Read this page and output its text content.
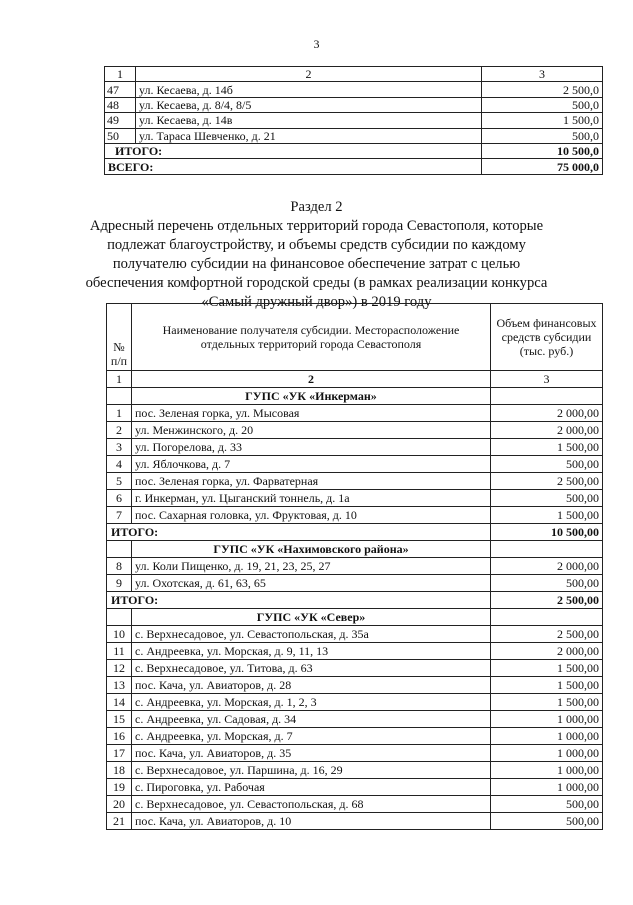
3
1	2	3
47	ул. Кесаева, д. 14б	2 500,0
48	ул. Кесаева, д. 8/4, 8/5	500,0
49	ул. Кесаева, д. 14в	1 500,0
50	ул. Тараса Шевченко, д. 21	500,0
ИТОГО:		10 500,0
ВСЕГО:		75 000,0
Раздел 2
Адресный перечень отдельных территорий города Севастополя, которые подлежат благоустройству, и объемы средств субсидии по каждому получателю субсидии на финансовое обеспечение затрат с целью обеспечения комфортной городской среды (в рамках реализации конкурса «Самый дружный двор») в 2019 году
№ п/п	Наименование получателя субсидии. Месторасположение отдельных территорий города Севастополя	Объем финансовых средств субсидии (тыс. руб.)
1	2	3
	ГУПС «УК «Инкерман»	
1	пос. Зеленая горка, ул. Мысовая	2 000,00
2	ул. Менжинского, д. 20	2 000,00
3	ул. Погорелова, д. 33	1 500,00
4	ул. Яблочкова, д. 7	500,00
5	пос. Зеленая горка, ул. Фарватерная	2 500,00
6	г. Инкерман, ул. Цыганский тоннель, д. 1а	500,00
7	пос. Сахарная головка, ул. Фруктовая, д. 10	1 500,00
ИТОГО:		10 500,00
	ГУПС «УК «Нахимовского района»	
8	ул. Коли Пищенко, д. 19, 21, 23, 25, 27	2 000,00
9	ул. Охотская, д. 61, 63, 65	500,00
ИТОГО:		2 500,00
	ГУПС «УК «Север»	
10	с. Верхнесадовое, ул. Севастопольская, д. 35а	2 500,00
11	с. Андреевка, ул. Морская, д. 9, 11, 13	2 000,00
12	с. Верхнесадовое, ул. Титова, д. 63	1 500,00
13	пос. Кача, ул. Авиаторов, д. 28	1 500,00
14	с. Андреевка, ул. Морская, д. 1, 2, 3	1 500,00
15	с. Андреевка, ул. Садовая, д. 34	1 000,00
16	с. Андреевка, ул. Морская, д. 7	1 000,00
17	пос. Кача, ул. Авиаторов, д. 35	1 000,00
18	с. Верхнесадовое, ул. Паршина, д. 16, 29	1 000,00
19	с. Пироговка, ул. Рабочая	1 000,00
20	с. Верхнесадовое, ул. Севастопольская, д. 68	500,00
21	пос. Кача, ул. Авиаторов, д. 10	500,00
